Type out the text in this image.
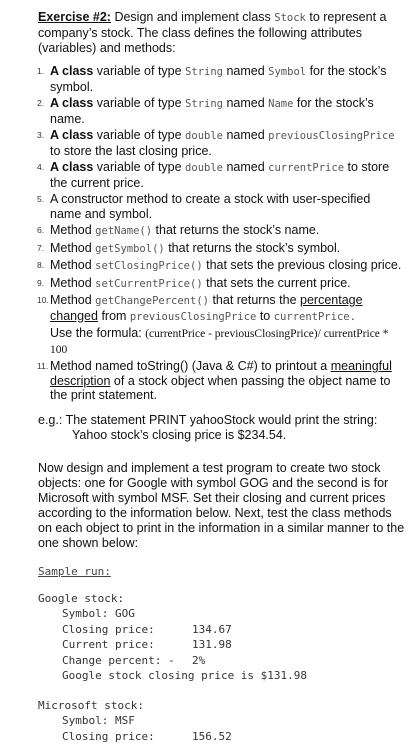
Exercise #2: Design and implement class Stock to represent a company’s stock. The class defines the following attributes (variables) and methods:
1. A class variable of type String named Symbol for the stock’s symbol.
2. A class variable of type String named Name for the stock’s name.
3. A class variable of type double named previousClosingPrice to store the last closing price.
4. A class variable of type double named currentPrice to store the current price.
5. A constructor method to create a stock with user-specified name and symbol.
6. Method getName() that returns the stock’s name.
7. Method getSymbol() that returns the stock’s symbol.
8. Method setClosingPrice() that sets the previous closing price.
9. Method setCurrentPrice() that sets the current price.
10. Method getChangePercent() that returns the percentage changed from previousClosingPrice to currentPrice.
Use the formula: (currentPrice - previousClosingPrice)/ currentPrice * 100
11. Method named toString() (Java & C#) to printout a meaningful description of a stock object when passing the object name to the print statement.
e.g.: The statement PRINT yahooStock would print the string:
Yahoo stock’s closing price is $234.54.
Now design and implement a test program to create two stock objects: one for Google with symbol GOG and the second is for Microsoft with symbol MSF. Set their closing and current prices according to the information below. Next, test the class methods on each object to print in the information in a similar manner to the one shown below:
Sample run:
Google stock:
Symbol: GOG
Closing price:	134.67
Current price:	131.98
Change percent: - 2%
Google stock closing price is $131.98
Microsoft stock:
Symbol: MSF
Closing price:	156.52
